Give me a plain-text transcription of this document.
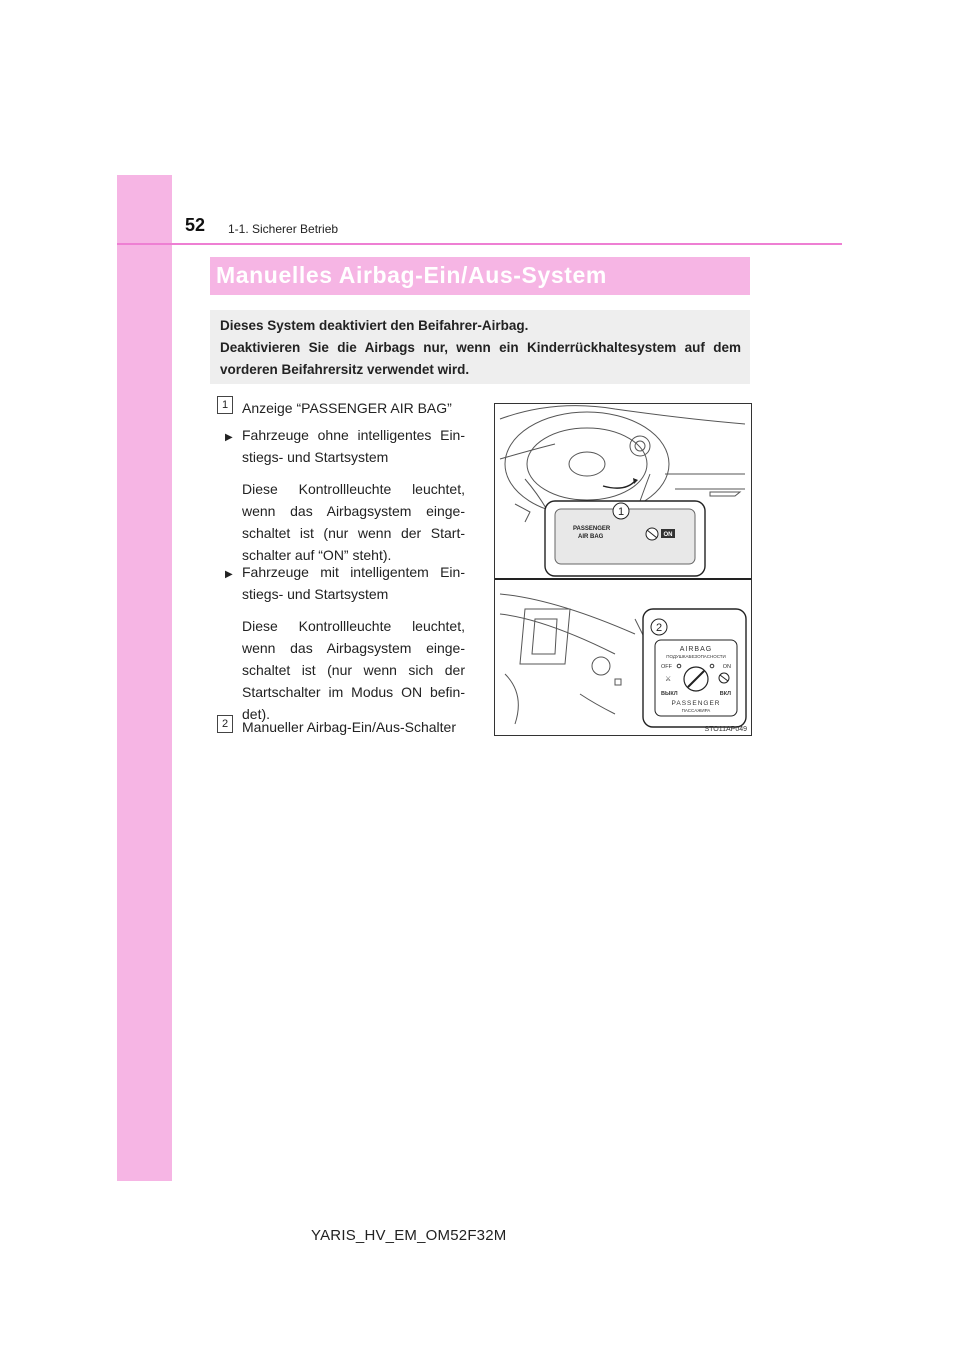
52 1-1. Sicherer Betrieb
Manuelles Airbag-Ein/Aus-System
Dieses System deaktiviert den Beifahrer-Airbag.
Deaktivieren Sie die Airbags nur, wenn ein Kinderrückhaltesystem auf dem vorderen Beifahrersitz verwendet wird.
1 Anzeige “PASSENGER AIR BAG”
▶ Fahrzeuge ohne intelligentes Ein-stiegs- und Startsystem
Diese Kontrollleuchte leuchtet, wenn das Airbagsystem einge-schaltet ist (nur wenn der Start-schalter auf “ON” steht).
▶ Fahrzeuge mit intelligentem Ein-stiegs- und Startsystem
Diese Kontrollleuchte leuchtet, wenn das Airbagsystem einge-schaltet ist (nur wenn sich der Startschalter im Modus ON befin-det).
2 Manueller Airbag-Ein/Aus-Schalter
1
PASSENGER
AIR BAG	ON
2
AIRBAG
ПОДУШКАБЕЗОПАСНОСТИ
OFF	ON
⚔
ВЫКЛ	ВКЛ
PASSENGER
ПАССАЖИРА
STO11AP049
YARIS_HV_EM_OM52F32M
